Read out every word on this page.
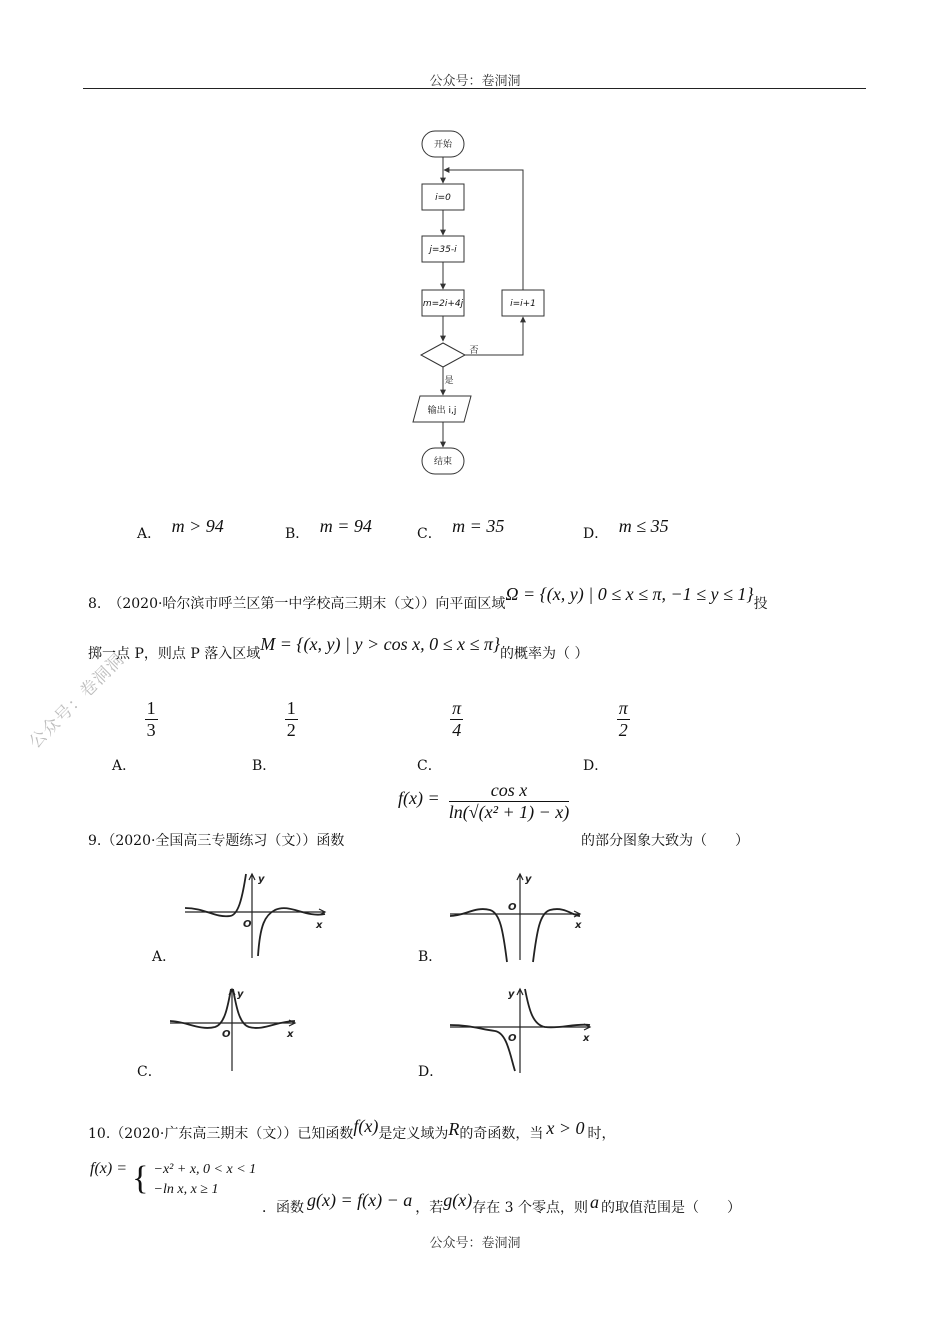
公众号：卷洞洞
公众号：卷洞洞
开始
i=0
j=35-i
m=2i+4j	i=i+1
否
是
输出 i,j
结束
A． m > 94	B． m = 94	C． m = 35	D． m ≤ 35
8.　（2020·哈尔滨市呼兰区第一中学校高三期末（文））向平面区域Ω = {(x, y) | 0 ≤ x ≤ π, −1 ≤ y ≤ 1}投
掷一点 P，则点 P 落入区域M = {(x, y) | y > cos x, 0 ≤ x ≤ π}的概率为（ ）
A．
$\frac{1}{3}$
B．
$\frac{1}{2}$
C．
$\frac{\pi}{4}$
D．
$\frac{\pi}{2}$
$f(x) = \frac{\text{cos x}}{\text{ln(√(x² + 1) − x)}}$
9.（2020·全国高三专题练习（文））函数	的部分图象大致为（　　）
y
x
O
A．
y
x
O
B．
y
x
O
C．
y
x
O
D．
10.（2020·广东高三期末（文））已知函数f(x)是定义域为R的奇函数，当 x > 0 时，
f(x) = { −x² + x, 0 < x < 1
−ln x, x ≥ 1
．函数 g(x) = f(x) − a ，若g(x)存在 3 个零点，则 a 的取值范围是（　　）
公众号：卷洞洞
